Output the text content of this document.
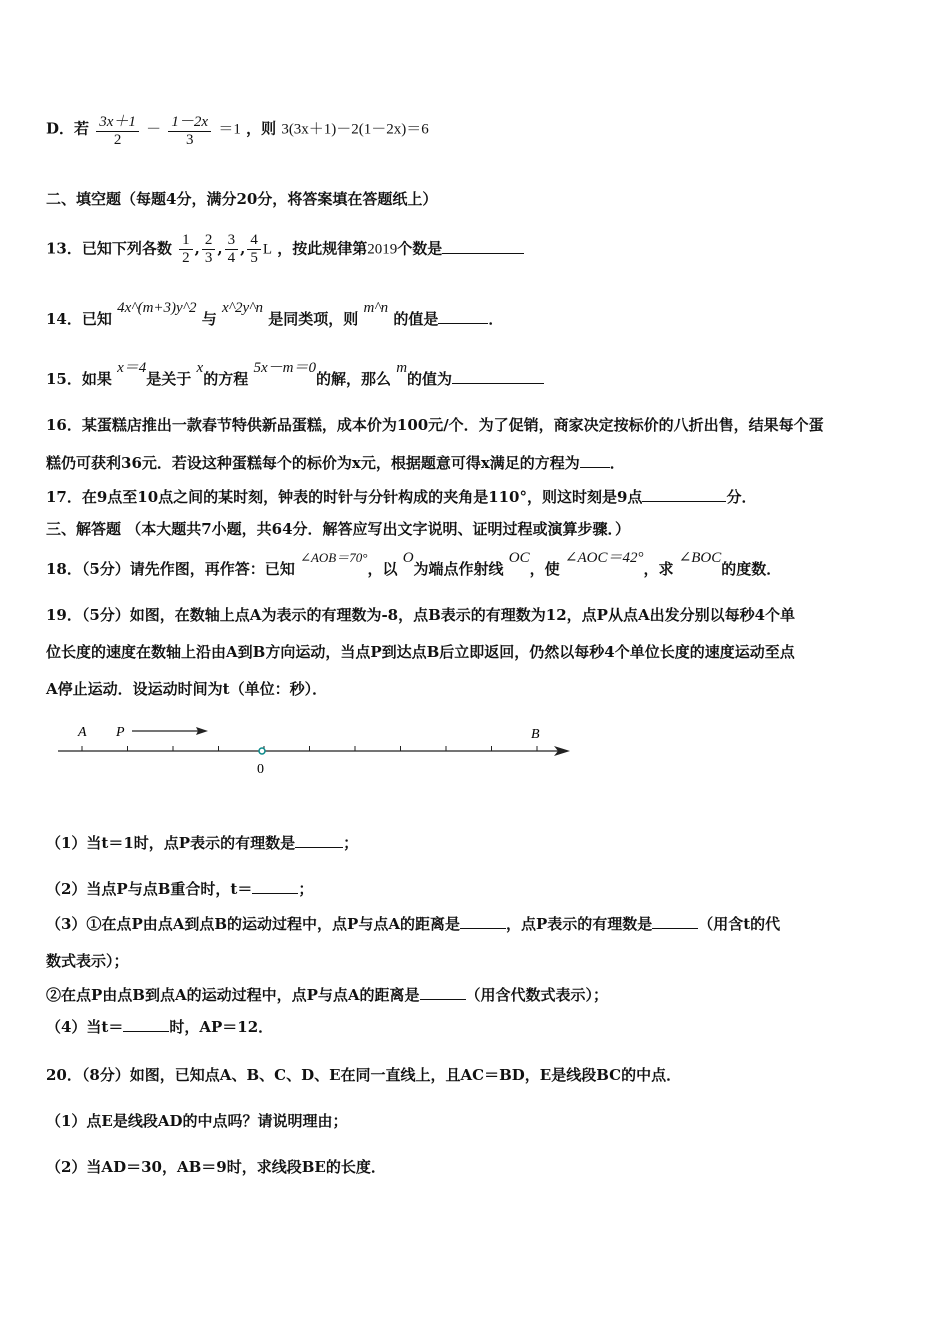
D．若 $\frac{3x+1}{2} - \frac{1-2x}{3} =1$ ，则 3(3x＋1)－2(1－2x)＝6
二、填空题（每题4分，满分20分，将答案填在答题纸上）
13．已知下列各数 $\frac{1}{2}$ , $\frac{2}{3}$ , $\frac{3}{4}$ , $\frac{4}{5}$ L ，按此规律第2019个数是
14．已知 4x^(m+3)y^2 与 x^2y^n 是同类项，则 m^n 的值是	．
15．如果 x＝4是关于 x的方程 5x－m＝0的解，那么 m的值为
16．某蛋糕店推出一款春节特供新品蛋糕，成本价为100元/个．为了促销，商家决定按标价的八折出售，结果每个蛋
糕仍可获利36元．若设这种蛋糕每个的标价为x元，根据题意可得x满足的方程为 ．
17．在9点至10点之间的某时刻，钟表的时针与分针构成的夹角是110°，则这时刻是9点	分．
三、解答题 （本大题共7小题，共64分．解答应写出文字说明、证明过程或演算步骤．）
18．（5分）请先作图，再作答：已知 ∠AOB＝70°，以 O为端点作射线 OC，使 ∠AOC＝42°，求 ∠BOC的度数．
19．（5分）如图，在数轴上点A为表示的有理数为-8，点B表示的有理数为12，点P从点A出发分别以每秒4个单
位长度的速度在数轴上沿由A到B方向运动，当点P到达点B后立即返回，仍然以每秒4个单位长度的速度运动至点
A停止运动．设运动时间为t（单位：秒）．
A P	B
0
（1）当t＝1时，点P表示的有理数是	；
（2）当点P与点B重合时，t＝	；
（3）①在点P由点A到点B的运动过程中，点P与点A的距离是	，点P表示的有理数是	（用含t的代
数式表示）；
②在点P由点B到点A的运动过程中，点P与点A的距离是	（用含代数式表示）；
（4）当t＝	时，AP＝12．
20．（8分）如图，已知点A、B、C、D、E在同一直线上，且AC＝BD，E是线段BC的中点．
（1）点E是线段AD的中点吗？请说明理由；
（2）当AD＝30，AB＝9时，求线段BE的长度．
